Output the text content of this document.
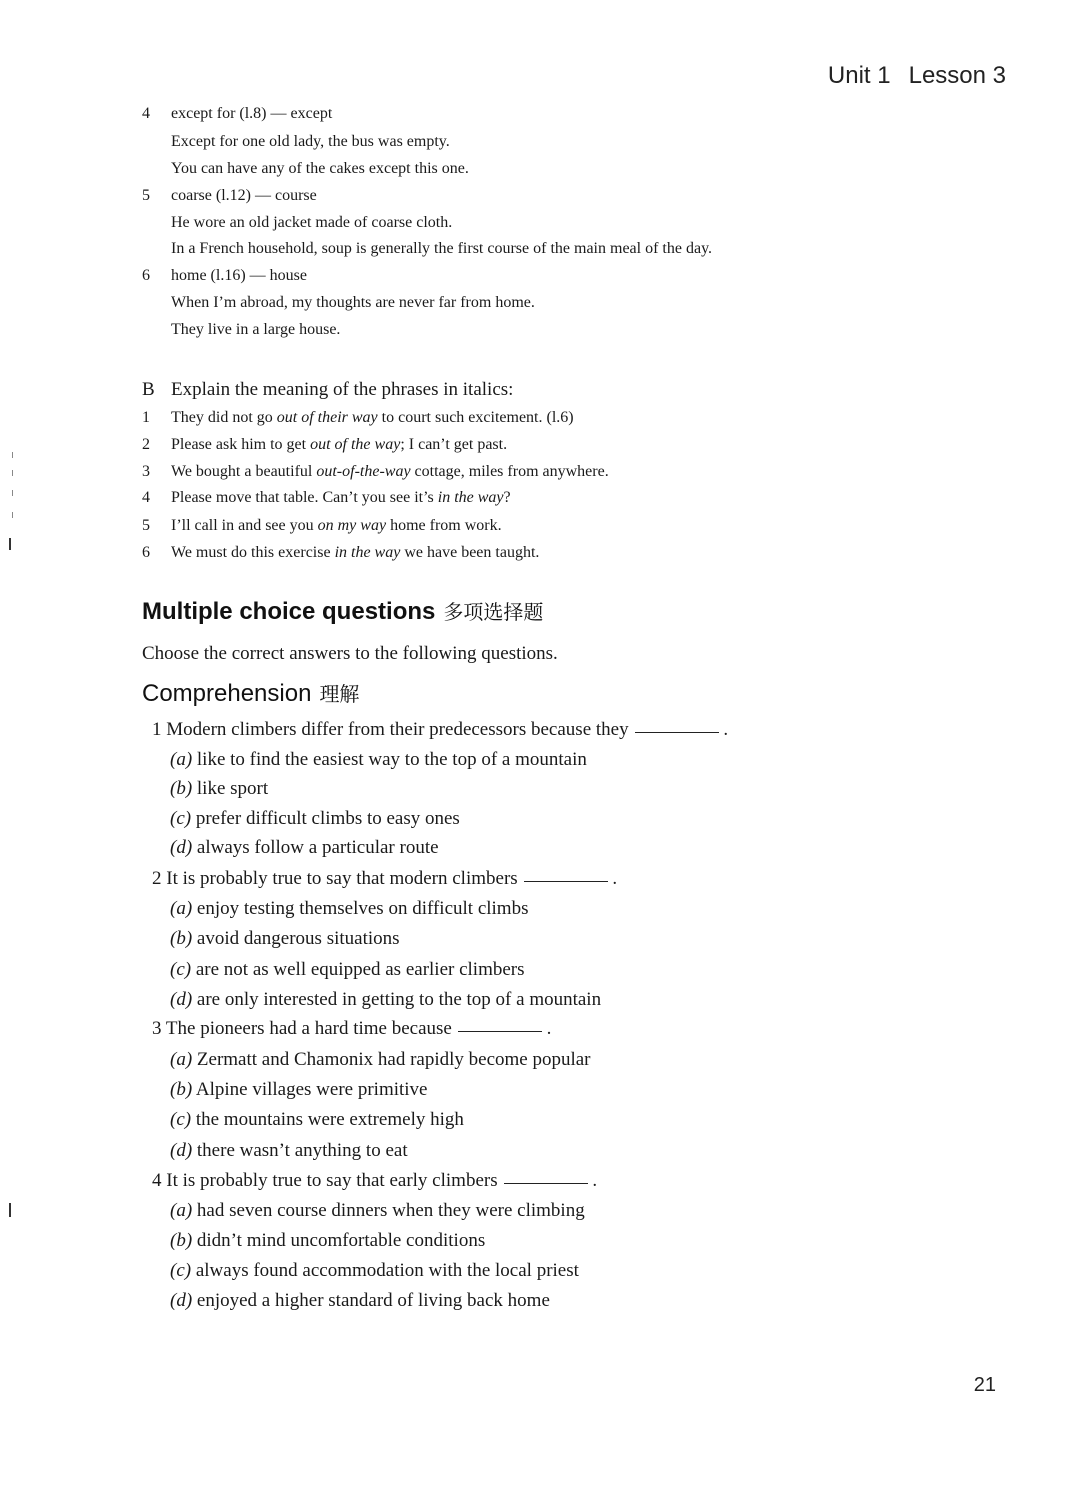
Unit 1 Lesson 3
21
4 except for (l.8) — except
Except for one old lady, the bus was empty.
You can have any of the cakes except this one.
5 coarse (l.12) — course
He wore an old jacket made of coarse cloth.
In a French household, soup is generally the first course of the main meal of the day.
6 home (l.16) — house
When I’m abroad, my thoughts are never far from home.
They live in a large house.
B Explain the meaning of the phrases in italics:
1 They did not go out of their way to court such excitement. (l.6)
2 Please ask him to get out of the way; I can’t get past.
3 We bought a beautiful out-of-the-way cottage, miles from anywhere.
4 Please move that table. Can’t you see it’s in the way?
5 I’ll call in and see you on my way home from work.
6 We must do this exercise in the way we have been taught.
Multiple choice questions 多项选择题
Choose the correct answers to the following questions.
Comprehension 理解
1 Modern climbers differ from their predecessors because they	.
(a) like to find the easiest way to the top of a mountain
(b) like sport
(c) prefer difficult climbs to easy ones
(d) always follow a particular route
2 It is probably true to say that modern climbers	.
(a) enjoy testing themselves on difficult climbs
(b) avoid dangerous situations
(c) are not as well equipped as earlier climbers
(d) are only interested in getting to the top of a mountain
3 The pioneers had a hard time because	.
(a) Zermatt and Chamonix had rapidly become popular
(b) Alpine villages were primitive
(c) the mountains were extremely high
(d) there wasn’t anything to eat
4 It is probably true to say that early climbers	.
(a) had seven course dinners when they were climbing
(b) didn’t mind uncomfortable conditions
(c) always found accommodation with the local priest
(d) enjoyed a higher standard of living back home
